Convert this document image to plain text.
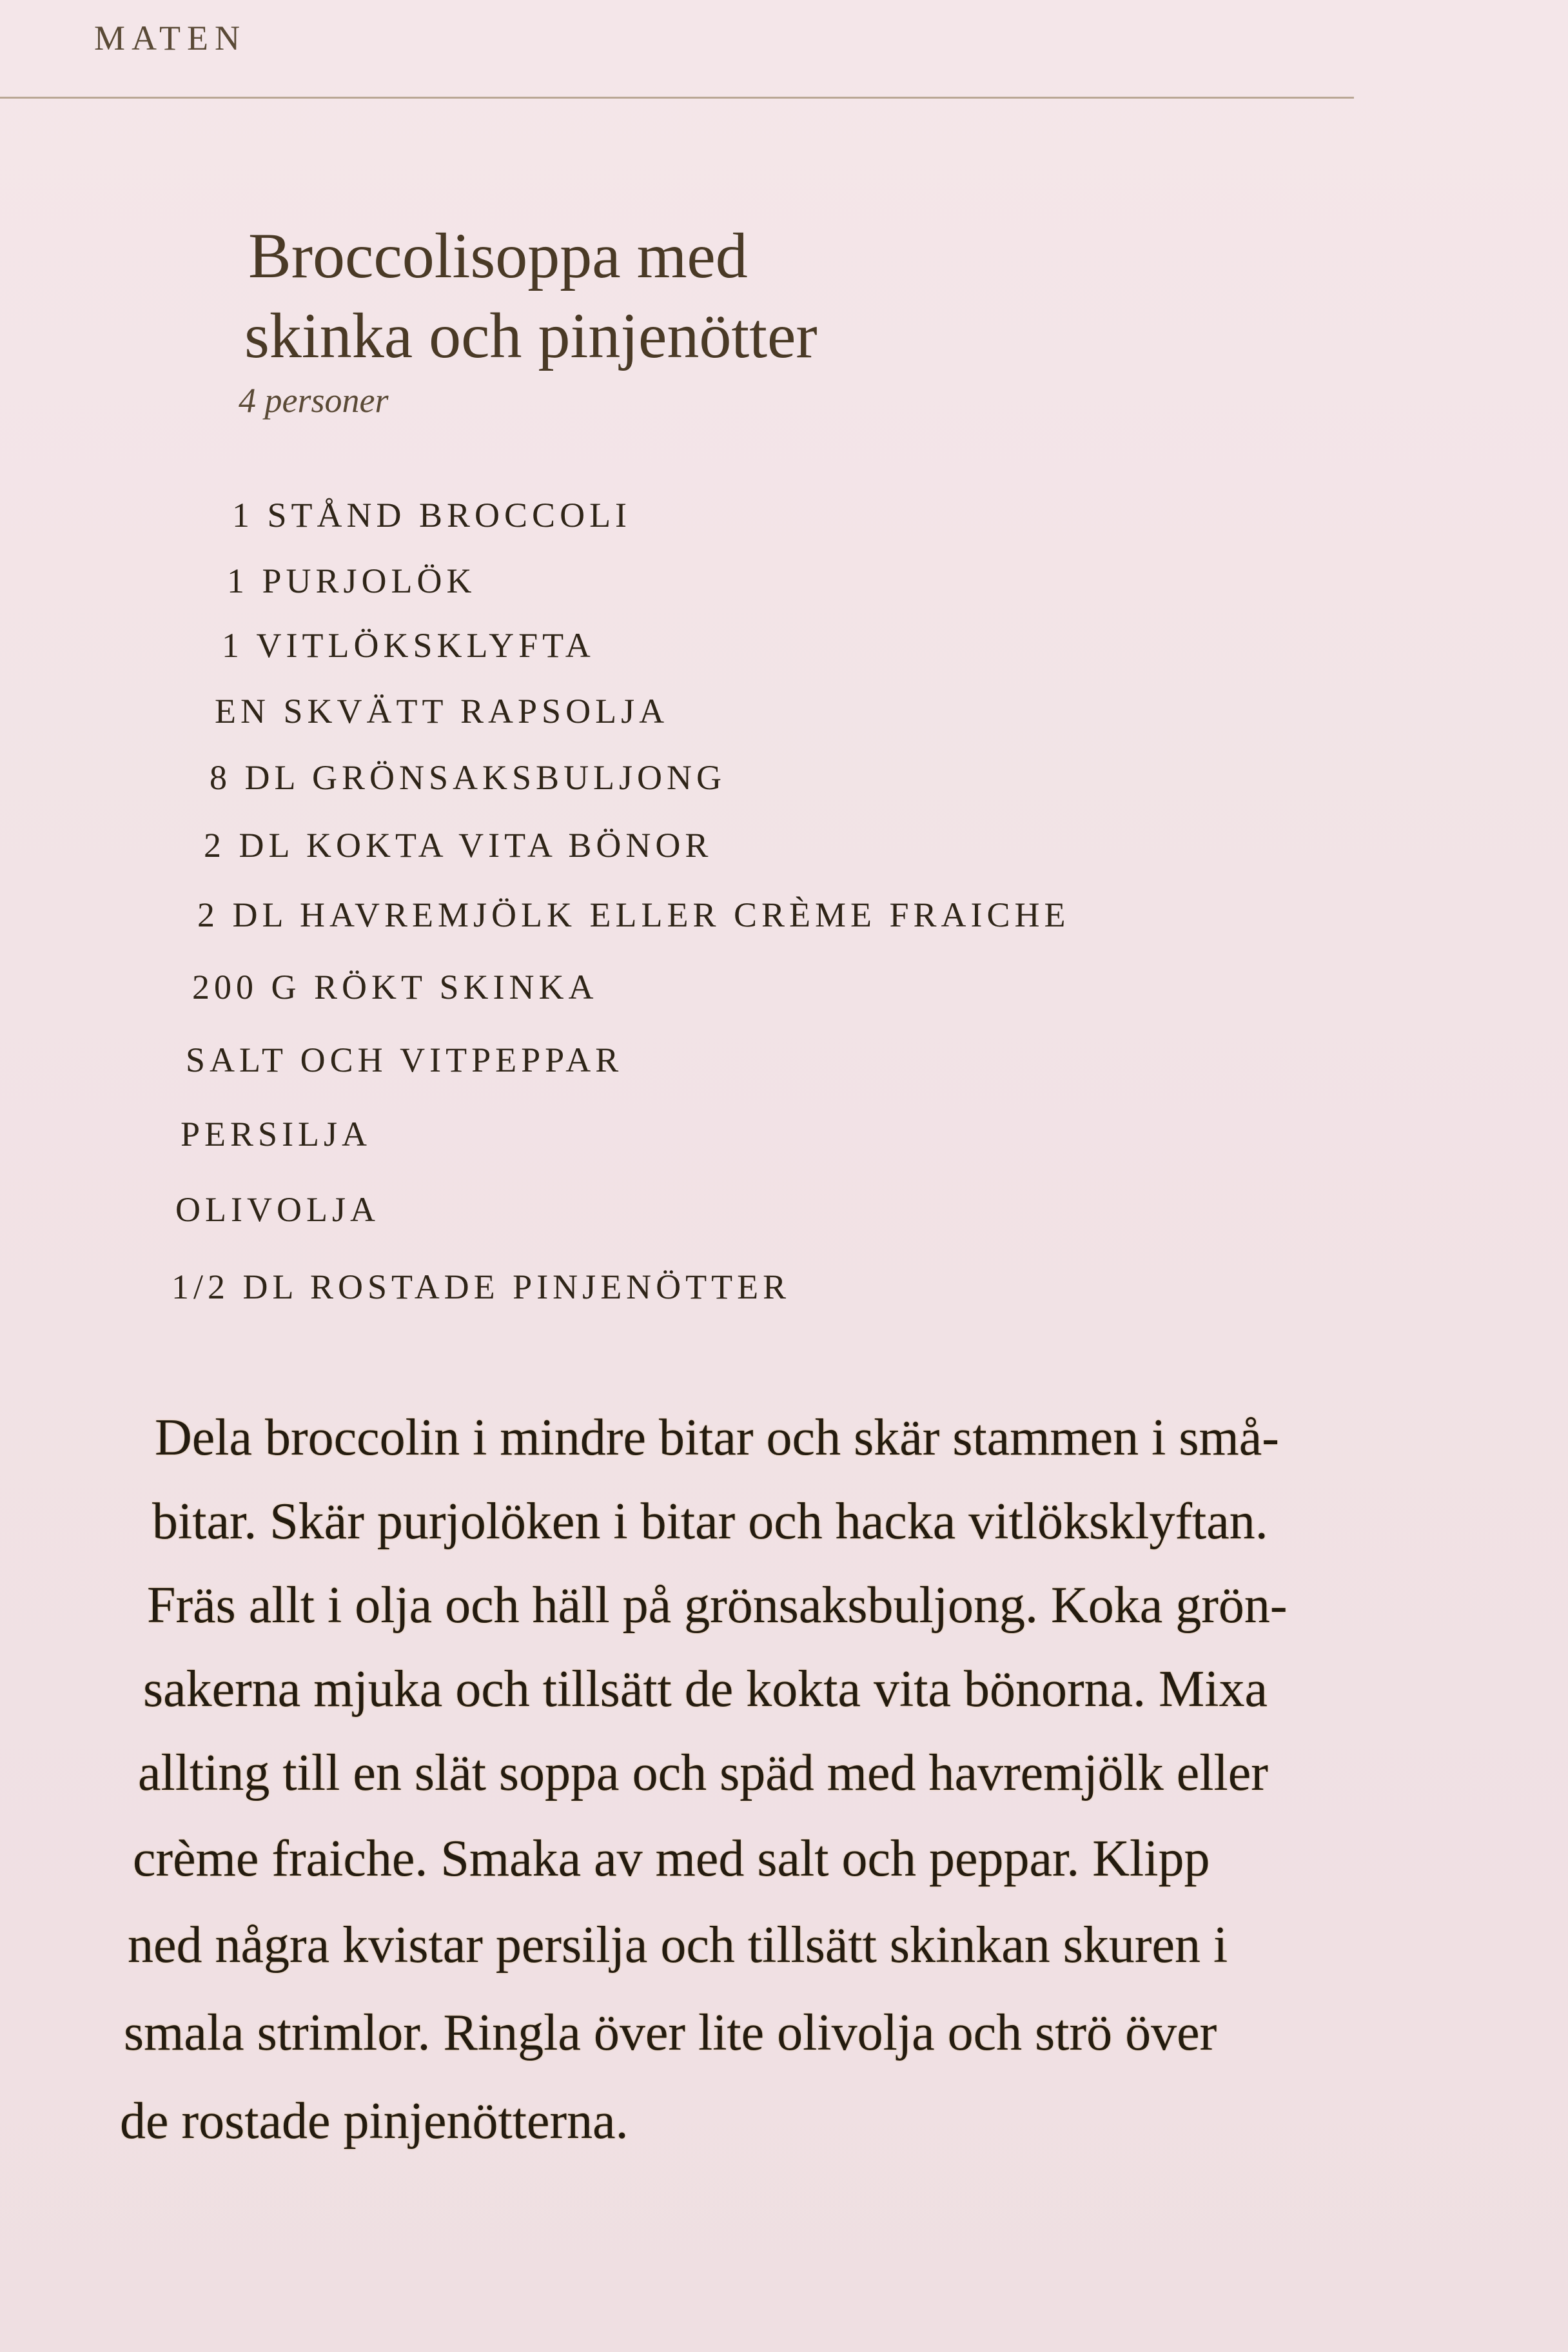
MATEN
Broccolisoppa med
skinka och pinjenötter
4 personer
1 STÅND BROCCOLI
1 PURJOLÖK
1 VITLÖKSKLYFTA
EN SKVÄTT RAPSOLJA
8 DL GRÖNSAKSBULJONG
2 DL KOKTA VITA BÖNOR
2 DL HAVREMJÖLK ELLER CRÈME FRAICHE
200 G RÖKT SKINKA
SALT OCH VITPEPPAR
PERSILJA
OLIVOLJA
1/2 DL ROSTADE PINJENÖTTER

Dela broccolin i mindre bitar och skär stammen i små-
bitar. Skär purjolöken i bitar och hacka vitlöksklyftan.
Fräs allt i olja och häll på grönsaksbuljong. Koka grön-
sakerna mjuka och tillsätt de kokta vita bönorna. Mixa
allting till en slät soppa och späd med havremjölk eller
crème fraiche. Smaka av med salt och peppar. Klipp
ned några kvistar persilja och tillsätt skinkan skuren i
smala strimlor. Ringla över lite olivolja och strö över
de rostade pinjenötterna.
